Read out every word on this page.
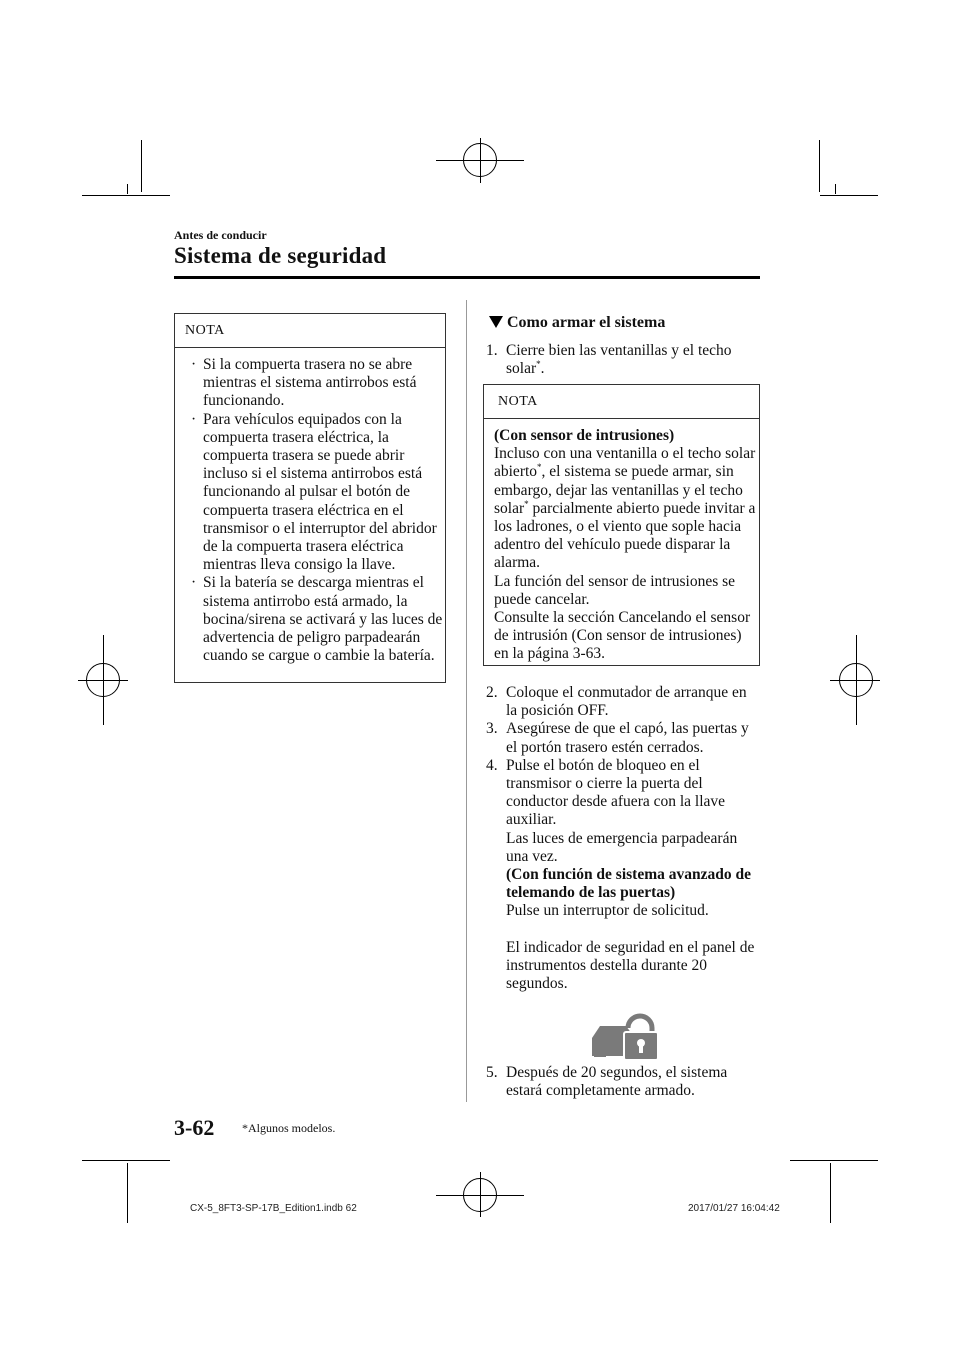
Antes de conducir
Sistema de seguridad
NOTA
· Si la compuerta trasera no se abre mientras el sistema antirrobos está funcionando.
· Para vehículos equipados con la compuerta trasera eléctrica, la compuerta trasera se puede abrir incluso si el sistema antirrobos está funcionando al pulsar el botón de compuerta trasera eléctrica en el transmisor o el interruptor del abridor de la compuerta trasera eléctrica mientras lleva consigo la llave.
· Si la batería se descarga mientras el sistema antirrobo está armado, la bocina/sirena se activará y las luces de advertencia de peligro parpadearán cuando se cargue o cambie la batería.
Como armar el sistema
1. Cierre bien las ventanillas y el techo solar*.
NOTA
(Con sensor de intrusiones)
Incluso con una ventanilla o el techo solar abierto*, el sistema se puede armar, sin embargo, dejar las ventanillas y el techo solar* parcialmente abierto puede invitar a los ladrones, o el viento que sople hacia adentro del vehículo puede disparar la alarma.
La función del sensor de intrusiones se puede cancelar.
Consulte la sección Cancelando el sensor de intrusión (Con sensor de intrusiones) en la página 3-63.
2. Coloque el conmutador de arranque en la posición OFF.
3. Asegúrese de que el capó, las puertas y el portón trasero estén cerrados.
4. Pulse el botón de bloqueo en el transmisor o cierre la puerta del conductor desde afuera con la llave auxiliar.
Las luces de emergencia parpadearán una vez.
(Con función de sistema avanzado de telemando de las puertas)
Pulse un interruptor de solicitud.
El indicador de seguridad en el panel de instrumentos destella durante 20 segundos.
5. Después de 20 segundos, el sistema estará completamente armado.
3-62 *Algunos modelos.
CX-5_8FT3-SP-17B_Edition1.indb 62	2017/01/27 16:04:42
